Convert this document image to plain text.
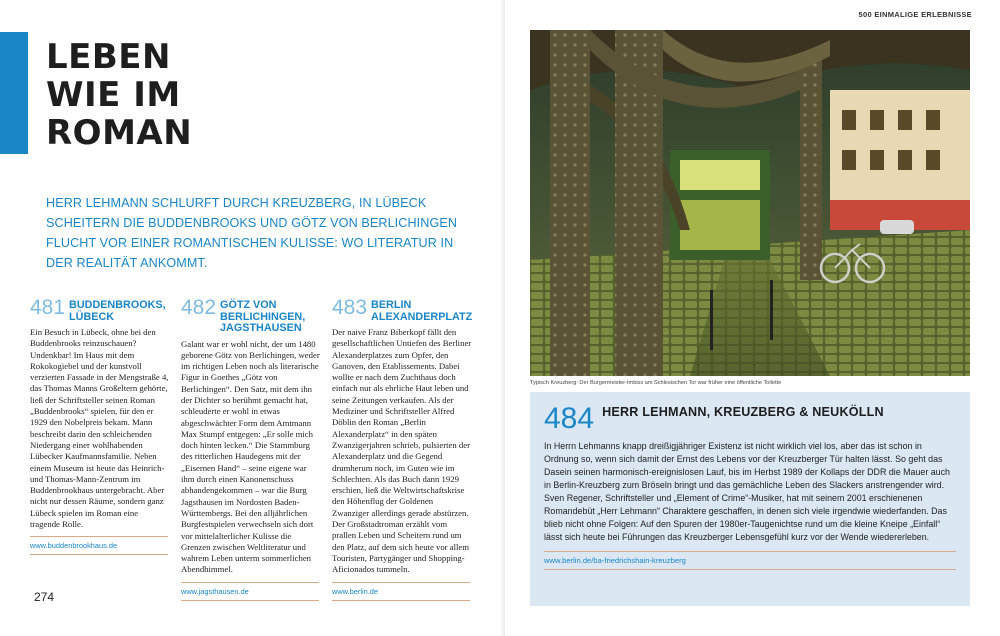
LEBEN
WIE IM
ROMAN

HERR LEHMANN SCHLURFT DURCH KREUZBERG, IN LÜBECK SCHEITERN DIE BUDDENBROOKS UND GÖTZ VON BERLICHINGEN FLUCHT VOR EINER ROMANTISCHEN KULISSE: WO LITERATUR IN DER REALITÄT ANKOMMT.

481 BUDDENBROOKS, LÜBECK

Ein Besuch in Lübeck, ohne bei den Buddenbrooks reinzuschauen? Undenkbar! Im Haus mit dem Rokokogiebel und der kunstvoll verzierten Fassade in der Mengstraße 4, das Thomas Manns Großeltern gehörte, ließ der Schriftsteller seinen Roman „Buddenbrooks“ spielen, für den er 1929 den Nobelpreis bekam. Mann beschreibt darin den schleichenden Niedergang einer wohlhabenden Lübecker Kaufmannsfamilie. Neben einem Museum ist heute das Heinrich- und Thomas-Mann-Zentrum im Buddenbrookhaus untergebracht. Aber nicht nur dessen Räume, sondern ganz Lübeck spielen im Roman eine tragende Rolle.

www.buddenbrookhaus.de
482 GÖTZ VON BERLICHINGEN, JAGSTHAUSEN

Galant war er wohl nicht, der um 1480 geborene Götz von Berlichingen, weder im richtigen Leben noch als literarische Figur in Goethes „Götz von Berlichingen“. Den Satz, mit dem ihn der Dichter so berühmt gemacht hat, schleuderte er wohl in etwas abgeschwächter Form dem Amtmann Max Stumpf entgegen: „Er solle mich doch hinten lecken.“ Die Stammburg des ritterlichen Haudegens mit der „Eisernen Hand“ – seine eigene war ihm durch einen Kanonenschuss abhandengekommen – war die Burg Jagsthausen im Nordosten Baden-Württembergs. Bei den alljährlichen Burgfestspielen verwechseln sich dort vor mittelalterlicher Kulisse die Grenzen zwischen Weltliteratur und wahrem Leben unterm sommerlichen Abendhimmel.

www.jagsthausen.de
483 BERLIN ALEXANDERPLATZ

Der naive Franz Biberkopf fällt den gesellschaftlichen Untiefen des Berliner Alexanderplatzes zum Opfer, den Ganoven, den Etablissements. Dabei wollte er nach dem Zuchthaus doch einfach nur als ehrliche Haut leben und seine Zeitungen verkaufen. Als der Mediziner und Schriftsteller Alfred Döblin den Roman „Berlin Alexanderplatz“ in den späten Zwanzigerjahren schrieb, pulsierten der Alexanderplatz und die Gegend drumherum noch, im Guten wie im Schlechten. Als das Buch dann 1929 erschien, ließ die Weltwirtschaftskrise den Höhenflug der Goldenen Zwanziger allerdings gerade abstürzen. Der Großstadtroman erzählt vom prallen Leben und Scheitern rund um den Platz, auf dem sich heute vor allem Touristen, Partygänger und Shopping-Aficionados tummeln.

www.berlin.de
274
500 EINMALIGE ERLEBNISSE
Typisch Kreuzberg: Der Burgermeister-Imbiss am Schlesischen Tor war früher eine öffentliche Toilette
484 HERR LEHMANN, KREUZBERG & NEUKÖLLN

In Herrn Lehmanns knapp dreißigjähriger Existenz ist nicht wirklich viel los, aber das ist schon in Ordnung so, wenn sich damit der Ernst des Lebens vor der Kreuzberger Tür halten lässt. So geht das Dasein seinen harmonisch-ereignislosen Lauf, bis im Herbst 1989 der Kollaps der DDR die Mauer auch in Berlin-Kreuzberg zum Bröseln bringt und das gemächliche Leben des Slackers anstrengender wird. Sven Regener, Schriftsteller und „Element of Crime“-Musiker, hat mit seinem 2001 erschienenen Romandebüt „Herr Lehmann“ Charaktere geschaffen, in denen sich viele irgendwie wiederfanden. Das blieb nicht ohne Folgen: Auf den Spuren der 1980er-Taugenichtse rund um die kleine Kneipe „Einfall“ lässt sich heute bei Führungen das Kreuzberger Lebensgefühl kurz vor der Wende wiedererleben.

www.berlin.de/ba-friedrichshain-kreuzberg
